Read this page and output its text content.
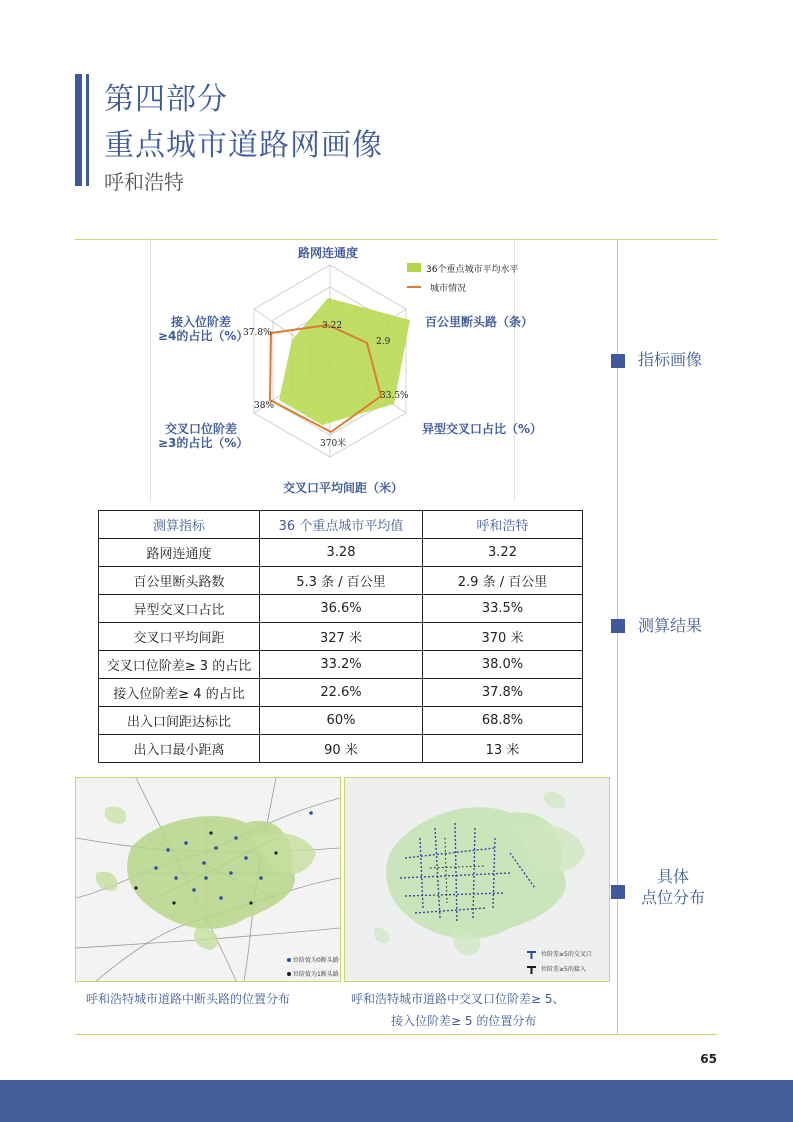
第四部分
重点城市道路网画像
呼和浩特
指标画像
测算结果
具体
点位分布
36个重点城市平均水平
城市情况
路网连通度
百公里断头路（条）
异型交叉口占比（%）
交叉口平均间距（米）
交叉口位阶差
≥3的占比（%）
接入位阶差
≥4的占比（%）
3.22
2.9
33.5%
370米
38%
37.8%
测算指标	36 个重点城市平均值	呼和浩特
路网连通度	3.28	3.22
百公里断头路数	5.3 条 / 百公里	2.9 条 / 百公里
异型交叉口占比	36.6%	33.5%
交叉口平均间距	327 米	370 米
交叉口位阶差≥ 3 的占比	33.2%	38.0%
接入位阶差≥ 4 的占比	22.6%	37.8%
出入口间距达标比	60%	68.8%
出入口最小距离	90 米	13 米
位阶值为0断头路
位阶值为1断头路
位阶差≥5的交叉口
位阶差≥5的接入
呼和浩特城市道路中断头路的位置分布	呼和浩特城市道路中交叉口位阶差≥ 5、
接入位阶差≥ 5 的位置分布
65
